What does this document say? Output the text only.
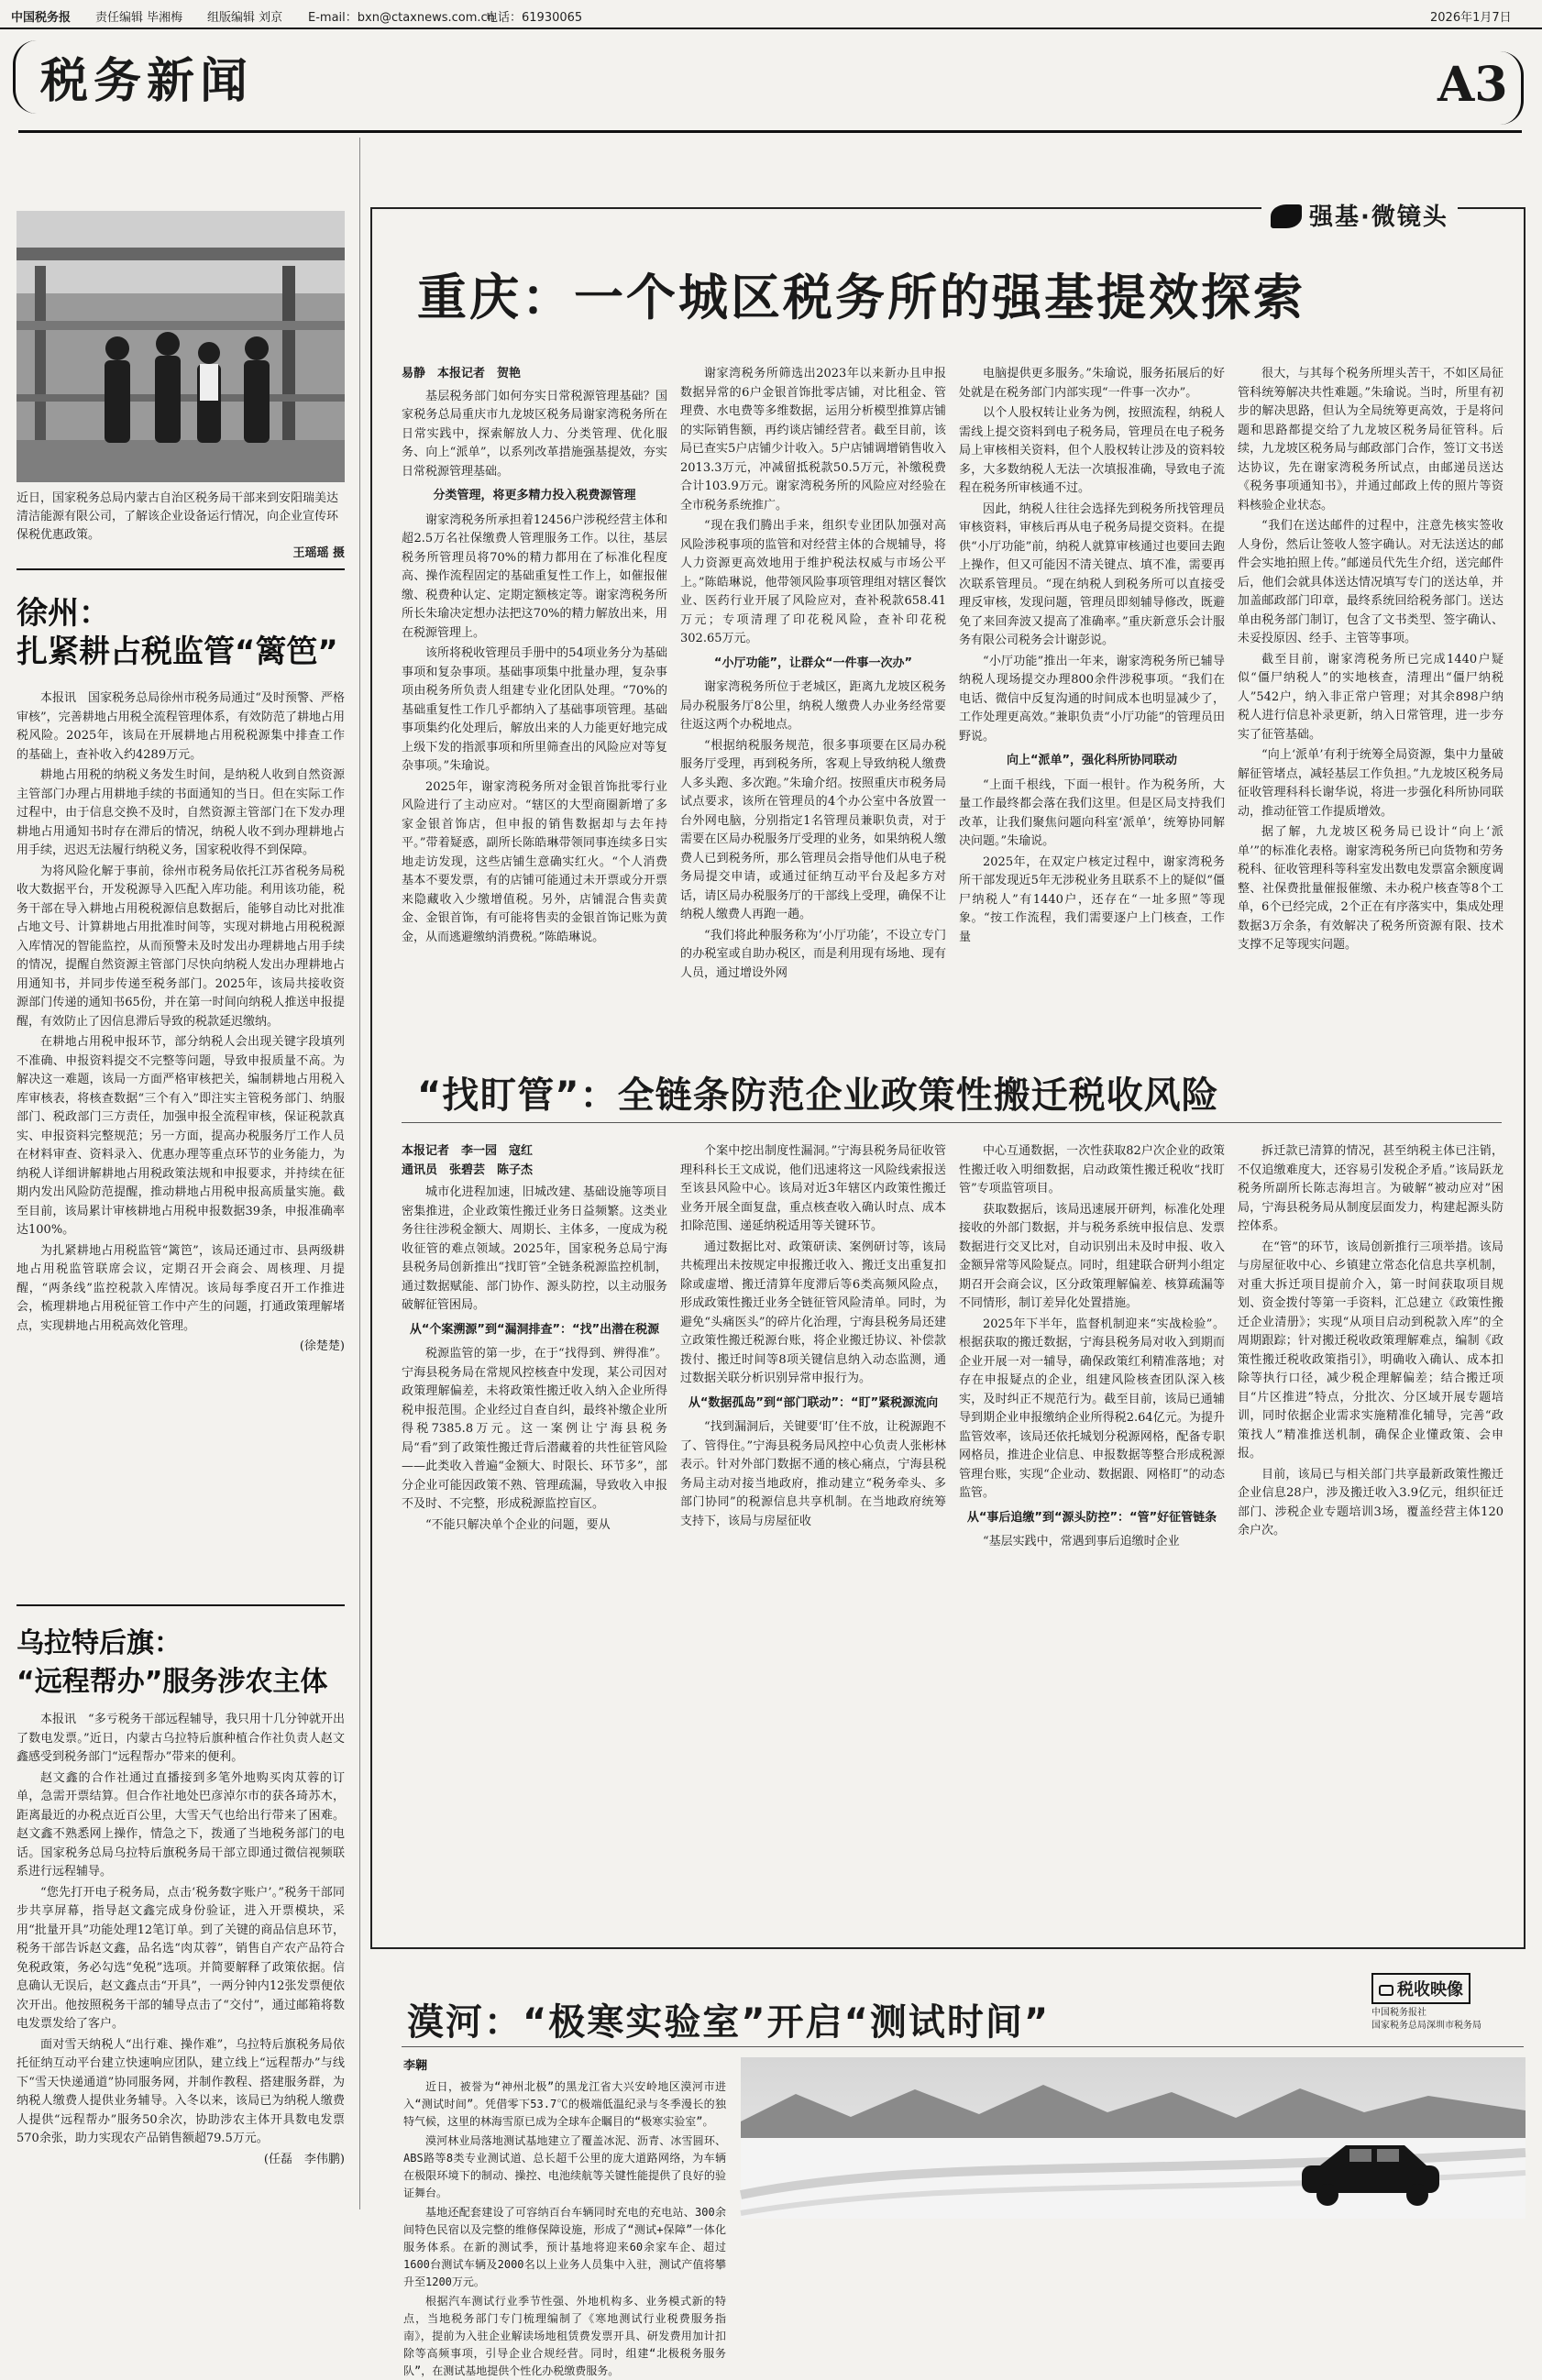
中国税务报 责任编辑 毕湘梅 组版编辑 刘京 E-mail：bxn@ctaxnews.com.cn
电话：61930065	2026年1月7日
税务新闻	A3
近日，国家税务总局内蒙古自治区税务局干部来到安阳瑞美达清洁能源有限公司，了解该企业设备运行情况，向企业宣传环保税优惠政策。
王瑶瑶 摄
徐州：
扎紧耕占税监管“篱笆”

本报讯　国家税务总局徐州市税务局通过“及时预警、严格审核”，完善耕地占用税全流程管理体系，有效防范了耕地占用税风险。2025年，该局在开展耕地占用税税源集中排查工作的基础上，查补收入约4289万元。

耕地占用税的纳税义务发生时间，是纳税人收到自然资源主管部门办理占用耕地手续的书面通知的当日。但在实际工作过程中，由于信息交换不及时，自然资源主管部门在下发办理耕地占用通知书时存在滞后的情况，纳税人收不到办理耕地占用手续，迟迟无法履行纳税义务，国家税收得不到保障。

为将风险化解于事前，徐州市税务局依托江苏省税务局税收大数据平台，开发税源导入匹配入库功能。利用该功能，税务干部在导入耕地占用税税源信息数据后，能够自动比对批准占地文号、计算耕地占用批准时间等，实现对耕地占用税税源入库情况的智能监控，从而预警未及时发出办理耕地占用手续的情况，提醒自然资源主管部门尽快向纳税人发出办理耕地占用通知书，并同步传递至税务部门。2025年，该局共接收资源部门传递的通知书65份，并在第一时间向纳税人推送申报提醒，有效防止了因信息滞后导致的税款延迟缴纳。

在耕地占用税申报环节，部分纳税人会出现关键字段填列不准确、申报资料提交不完整等问题，导致申报质量不高。为解决这一难题，该局一方面严格审核把关，编制耕地占用税入库审核表，将核查数据“三个有入”即注实主管税务部门、纳服部门、税政部门三方责任，加强申报全流程审核，保证税款真实、申报资料完整规范；另一方面，提高办税服务厅工作人员在材料审查、资料录入、优惠办理等重点环节的业务能力，为纳税人详细讲解耕地占用税政策法规和申报要求，并持续在征期内发出风险防范提醒，推动耕地占用税申报高质量实施。截至目前，该局累计审核耕地占用税申报数据39条，申报准确率达100%。

为扎紧耕地占用税监管“篱笆”，该局还通过市、县两级耕地占用税监管联席会议，定期召开会商会、周核理、月提醒，“两条线”监控税款入库情况。该局每季度召开工作推进会，梳理耕地占用税征管工作中产生的问题，打通政策理解堵点，实现耕地占用税高效化管理。

(徐楚楚)
乌拉特后旗：
“远程帮办”服务涉农主体

本报讯　“多亏税务干部远程辅导，我只用十几分钟就开出了数电发票。”近日，内蒙古乌拉特后旗种植合作社负责人赵文鑫感受到税务部门“远程帮办”带来的便利。

赵文鑫的合作社通过直播接到多笔外地购买肉苁蓉的订单，急需开票结算。但合作社地处巴彦淖尔市的获各琦苏木，距离最近的办税点近百公里，大雪天气也给出行带来了困难。赵文鑫不熟悉网上操作，情急之下，拨通了当地税务部门的电话。国家税务总局乌拉特后旗税务局干部立即通过微信视频联系进行远程辅导。

“您先打开电子税务局，点击‘税务数字账户’。”税务干部同步共享屏幕，指导赵文鑫完成身份验证，进入开票模块，采用“批量开具”功能处理12笔订单。到了关键的商品信息环节，税务干部告诉赵文鑫，品名选“肉苁蓉”，销售自产农产品符合免税政策，务必勾选“免税”选项。并简要解释了政策依据。信息确认无误后，赵文鑫点击“开具”，一两分钟内12张发票便依次开出。他按照税务干部的辅导点击了“交付”，通过邮箱将数电发票发给了客户。

面对雪天纳税人“出行难、操作难”，乌拉特后旗税务局依托征纳互动平台建立快速响应团队，建立线上“远程帮办”与线下“雪天快递通道”协同服务网，并制作教程、搭建服务群，为纳税人缴费人提供业务辅导。入冬以来，该局已为纳税人缴费人提供“远程帮办”服务50余次，协助涉农主体开具数电发票570余张，助力实现农产品销售额超79.5万元。

(任磊　李伟鹏)
强基·微镜头
重庆：一个城区税务所的强基提效探索
易静　本报记者　贺艳

基层税务部门如何夯实日常税源管理基础？国家税务总局重庆市九龙坡区税务局谢家湾税务所在日常实践中，探索解放人力、分类管理、优化服务、向上“派单”，以系列改革措施强基提效，夯实日常税源管理基础。

分类管理，将更多精力投入税费源管理

谢家湾税务所承担着12456户涉税经营主体和超2.5万名社保缴费人管理服务工作。以往，基层税务所管理员将70%的精力都用在了标准化程度高、操作流程固定的基础重复性工作上，如催报催缴、税费种认定、定期定额核定等。谢家湾税务所所长朱瑜决定想办法把这70%的精力解放出来，用在税源管理上。

该所将税收管理员手册中的54项业务分为基础事项和复杂事项。基础事项集中批量办理，复杂事项由税务所负责人组建专业化团队处理。“70%的基础重复性工作几乎都纳入了基础事项管理。基础事项集约化处理后，解放出来的人力能更好地完成上级下发的指派事项和所里筛查出的风险应对等复杂事项。”朱瑜说。

2025年，谢家湾税务所对金银首饰批零行业风险进行了主动应对。“辖区的大型商圈新增了多家金银首饰店，但申报的销售数据却与去年持平。”带着疑惑，副所长陈皓琳带领同事连续多日实地走访发现，这些店铺生意确实红火。“个人消费基本不要发票，有的店铺可能通过未开票或分开票来隐藏收入少缴增值税。另外，店铺混合售卖黄金、金银首饰，有可能将售卖的金银首饰记账为黄金，从而逃避缴纳消费税。”陈皓琳说。

谢家湾税务所筛选出2023年以来新办且申报数据异常的6户金银首饰批零店铺，对比租金、管理费、水电费等多维数据，运用分析模型推算店铺的实际销售额，再约谈店铺经营者。截至目前，该局已查实5户店铺少计收入。5户店铺调增销售收入2013.3万元，冲减留抵税款50.5万元，补缴税费合计103.9万元。谢家湾税务所的风险应对经验在全市税务系统推广。

“现在我们腾出手来，组织专业团队加强对高风险涉税事项的监管和对经营主体的合规辅导，将人力资源更高效地用于维护税法权威与市场公平上。”陈皓琳说，他带领风险事项管理组对辖区餐饮业、医药行业开展了风险应对，查补税款658.41万元；专项清理了印花税风险，查补印花税302.65万元。

“小厅功能”，让群众“一件事一次办”

谢家湾税务所位于老城区，距离九龙坡区税务局办税服务厅8公里，纳税人缴费人办业务经常要往返这两个办税地点。

“根据纳税服务规范，很多事项要在区局办税服务厅受理，再到税务所，客观上导致纳税人缴费人多头跑、多次跑。”朱瑜介绍。按照重庆市税务局试点要求，该所在管理员的4个办公室中各放置一台外网电脑，分别指定1名管理员兼职负责，对于需要在区局办税服务厅受理的业务，如果纳税人缴费人已到税务所，那么管理员会指导他们从电子税务局提交申请，或通过征纳互动平台及起多方对话，请区局办税服务厅的干部线上受理，确保不让纳税人缴费人再跑一趟。

“我们将此种服务称为‘小厅功能’，不设立专门的办税室或自助办税区，而是利用现有场地、现有人员，通过增设外网

电脑提供更多服务。”朱瑜说，服务拓展后的好处就是在税务部门内部实现“一件事一次办”。

以个人股权转让业务为例，按照流程，纳税人需线上提交资料到电子税务局，管理员在电子税务局上审核相关资料，但个人股权转让涉及的资料较多，大多数纳税人无法一次填报准确，导致电子流程在税务所审核通不过。

因此，纳税人往往会选择先到税务所找管理员审核资料，审核后再从电子税务局提交资料。在提供“小厅功能”前，纳税人就算审核通过也要回去跑上操作，但又可能因不清关键点、填不准，需要再次联系管理员。“现在纳税人到税务所可以直接受理反审核，发现问题，管理员即刻辅导修改，既避免了来回奔波又提高了准确率。”重庆新意乐会计服务有限公司税务会计谢彭说。

“小厅功能”推出一年来，谢家湾税务所已辅导纳税人现场提交办理800余件涉税事项。“我们在电话、微信中反复沟通的时间成本也明显减少了，工作处理更高效。”兼职负责“小厅功能”的管理员田野说。

向上“派单”，强化科所协同联动

“上面千根线，下面一根针。作为税务所，大量工作最终都会落在我们这里。但是区局支持我们改革，让我们聚焦问题向科室‘派单’，统筹协同解决问题。”朱瑜说。

2025年，在双定户核定过程中，谢家湾税务所干部发现近5年无涉税业务且联系不上的疑似“僵尸纳税人”有1440户，还存在“一址多照”等现象。“按工作流程，我们需要逐户上门核查，工作量

很大，与其每个税务所埋头苦干，不如区局征管科统筹解决共性难题。”朱瑜说。当时，所里有初步的解决思路，但认为全局统筹更高效，于是将问题和思路都提交给了九龙坡区税务局征管科。后续，九龙坡区税务局与邮政部门合作，签订文书送达协议，先在谢家湾税务所试点，由邮递员送达《税务事项通知书》，并通过邮政上传的照片等资料核验企业状态。

“我们在送达邮件的过程中，注意先核实签收人身份，然后让签收人签字确认。对无法送达的邮件会实地拍照上传。”邮递员代先生介绍，送完邮件后，他们会就具体送达情况填写专门的送达单，并加盖邮政部门印章，最终系统回给税务部门。送达单由税务部门制订，包含了文书类型、签字确认、未妥投原因、经手、主管等事项。

截至目前，谢家湾税务所已完成1440户疑似“僵尸纳税人”的实地核查，清理出“僵尸纳税人”542户，纳入非正常户管理；对其余898户纳税人进行信息补录更新，纳入日常管理，进一步夯实了征管基础。

“向上‘派单’有利于统筹全局资源，集中力量破解征管堵点，减轻基层工作负担。”九龙坡区税务局征收管理科科长谢华说，将进一步强化科所协同联动，推动征管工作提质增效。

据了解，九龙坡区税务局已设计“向上‘派单’”的标准化表格。谢家湾税务所已向货物和劳务税科、征收管理科等科室发出数电发票富余额度调整、社保费批量催报催缴、未办税户核查等8个工单，6个已经完成，2个正在有序落实中，集成处理数据3万余条，有效解决了税务所资源有限、技术支撑不足等现实问题。

“找盯管”：全链条防范企业政策性搬迁税收风险
本报记者　李一园　寇红
通讯员　张碧芸　陈子杰

城市化进程加速，旧城改建、基础设施等项目密集推进，企业政策性搬迁业务日益频繁。这类业务往往涉税金额大、周期长、主体多，一度成为税收征管的难点领域。2025年，国家税务总局宁海县税务局创新推出“找盯管”全链条税源监控机制，通过数据赋能、部门协作、源头防控，以主动服务破解征管困局。

从“个案溯源”到“漏洞排查”：“找”出潜在税源

税源监管的第一步，在于“找得到、辨得准”。宁海县税务局在常规风控核查中发现，某公司因对政策理解偏差，未将政策性搬迁收入纳入企业所得税申报范围。企业经过自查自纠，最终补缴企业所得税7385.8万元。这一案例让宁海县税务局“看”到了政策性搬迁背后潜藏着的共性征管风险——此类收入普遍“金额大、时限长、环节多”，部分企业可能因政策不熟、管理疏漏，导致收入申报不及时、不完整，形成税源监控盲区。

“不能只解决单个企业的问题，要从

个案中挖出制度性漏洞。”宁海县税务局征收管理科科长王文成说，他们迅速将这一风险线索报送至该县风险中心。该局对近3年辖区内政策性搬迁业务开展全面复盘，重点核查收入确认时点、成本扣除范围、递延纳税适用等关键环节。

通过数据比对、政策研读、案例研讨等，该局共梳理出未按规定申报搬迁收入、搬迁支出重复扣除或虚增、搬迁清算年度滞后等6类高频风险点，形成政策性搬迁业务全链征管风险清单。同时，为避免“头痛医头”的碎片化治理，宁海县税务局还建立政策性搬迁税源台账，将企业搬迁协议、补偿款拨付、搬迁时间等8项关键信息纳入动态监测，通过数据关联分析识别异常申报行为。

从“数据孤岛”到“部门联动”：“盯”紧税源流向

“找到漏洞后，关键要‘盯’住不放，让税源跑不了、管得住。”宁海县税务局风控中心负责人张彬林表示。针对外部门数据不通的核心痛点，宁海县税务局主动对接当地政府，推动建立“税务牵头、多部门协同”的税源信息共享机制。在当地政府统筹支持下，该局与房屋征收

中心互通数据，一次性获取82户次企业的政策性搬迁收入明细数据，启动政策性搬迁税收“找盯管”专项监管项目。

获取数据后，该局迅速展开研判，标准化处理接收的外部门数据，并与税务系统申报信息、发票数据进行交叉比对，自动识别出未及时申报、收入金额异常等风险疑点。同时，组建联合研判小组定期召开会商会议，区分政策理解偏差、核算疏漏等不同情形，制订差异化处置措施。

2025年下半年，监督机制迎来“实战检验”。根据获取的搬迁数据，宁海县税务局对收入到期而企业开展一对一辅导，确保政策红利精准落地；对存在申报疑点的企业，组建风险核查团队深入核实，及时纠正不规范行为。截至目前，该局已通辅导到期企业申报缴纳企业所得税2.64亿元。为提升监管效率，该局还依托城划分税源网格，配备专职网格员，推进企业信息、申报数据等整合形成税源管理台账，实现“企业动、数据跟、网格盯”的动态监管。

从“事后追缴”到“源头防控”：“管”好征管链条

“基层实践中，常遇到事后追缴时企业

拆迁款已清算的情况，甚至纳税主体已注销，不仅追缴难度大，还容易引发税企矛盾。”该局跃龙税务所副所长陈志海坦言。为破解“被动应对”困局，宁海县税务局从制度层面发力，构建起源头防控体系。

在“管”的环节，该局创新推行三项举措。该局与房屋征收中心、乡镇建立常态化信息共享机制，对重大拆迁项目提前介入，第一时间获取项目规划、资金拨付等第一手资料，汇总建立《政策性搬迁企业清册》；实现“从项目启动到税款入库”的全周期跟踪；针对搬迁税收政策理解难点，编制《政策性搬迁税收政策指引》，明确收入确认、成本扣除等执行口径，减少税企理解偏差；结合搬迁项目“片区推进”特点，分批次、分区域开展专题培训，同时依据企业需求实施精准化辅导，完善“政策找人”精准推送机制，确保企业懂政策、会申报。

目前，该局已与相关部门共享最新政策性搬迁企业信息28户，涉及搬迁收入3.9亿元，组织征迁部门、涉税企业专题培训3场，覆盖经营主体120余户次。

漠河：“极寒实验室”开启“测试时间”
税收映像
中国税务报社
国家税务总局深圳市税务局
李翱

近日，被誉为“神州北极”的黑龙江省大兴安岭地区漠河市进入“测试时间”。凭借零下53.7℃的极端低温纪录与冬季漫长的独特气候，这里的林海雪原已成为全球车企瞩目的“极寒实验室”。

漠河林业局落地测试基地建立了覆盖冰泥、沥青、冰雪圆环、ABS路等8类专业测试道、总长超千公里的庞大道路网络，为车辆在极限环境下的制动、操控、电池续航等关键性能提供了良好的验证舞台。

基地还配套建设了可容纳百台车辆同时充电的充电站、300余间特色民宿以及完整的维修保障设施，形成了“测试+保障”一体化服务体系。在新的测试季，预计基地将迎来60余家车企、超过1600台测试车辆及2000名以上业务人员集中入驻，测试产值将攀升至1200万元。

根据汽车测试行业季节性强、外地机构多、业务模式新的特点，当地税务部门专门梳理编制了《寒地测试行业税费服务指南》，提前为入驻企业解读场地租赁费发票开具、研发费用加计扣除等高频事项，引导企业合规经营。同时，组建“北极税务服务队”，在测试基地提供个性化办税缴费服务。
